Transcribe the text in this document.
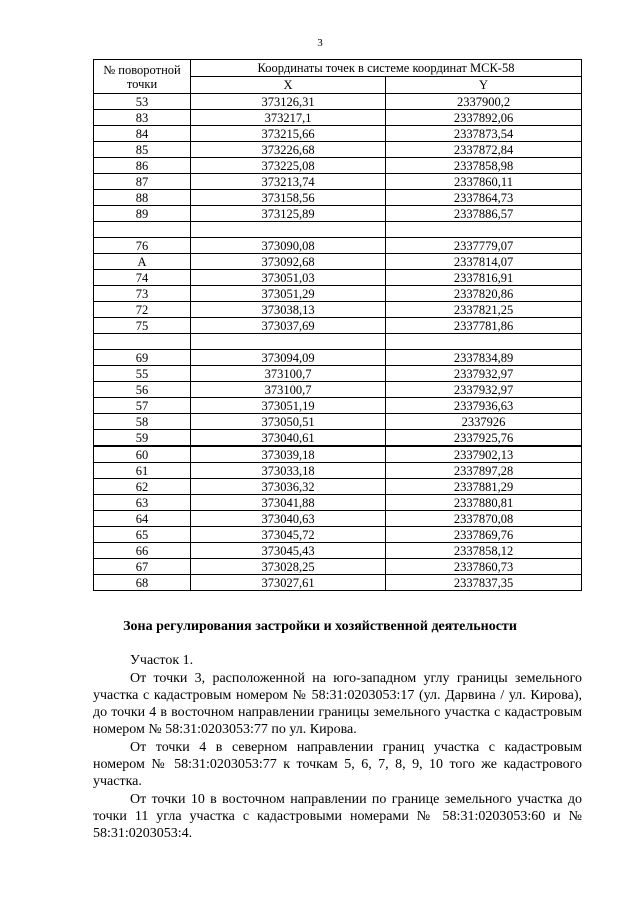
3
№ поворотной точки	Координаты точек в системе координат МСК-58	
	X	Y
53	373126,31	2337900,2
83	373217,1	2337892,06
84	373215,66	2337873,54
85	373226,68	2337872,84
86	373225,08	2337858,98
87	373213,74	2337860,11
88	373158,56	2337864,73
89	373125,89	2337886,57

76	373090,08	2337779,07
А	373092,68	2337814,07
74	373051,03	2337816,91
73	373051,29	2337820,86
72	373038,13	2337821,25
75	373037,69	2337781,86

69	373094,09	2337834,89
55	373100,7	2337932,97
56	373100,7	2337932,97
57	373051,19	2337936,63
58	373050,51	2337926
59	373040,61	2337925,76
60	373039,18	2337902,13
61	373033,18	2337897,28
62	373036,32	2337881,29
63	373041,88	2337880,81
64	373040,63	2337870,08
65	373045,72	2337869,76
66	373045,43	2337858,12
67	373028,25	2337860,73
68	373027,61	2337837,35
Зона регулирования застройки и хозяйственной деятельности

Участок 1.

От точки 3, расположенной на юго-западном углу границы земельного участка с кадастровым номером № 58:31:0203053:17 (ул. Дарвина / ул. Кирова), до точки 4 в восточном направлении границы земельного участка с кадастровым номером № 58:31:0203053:77 по ул. Кирова.

От точки 4 в северном направлении границ участка с кадастровым номером № 58:31:0203053:77 к точкам 5, 6, 7, 8, 9, 10 того же кадастрового участка.

От точки 10 в восточном направлении по границе земельного участка до точки 11 угла участка с кадастровыми номерами № 58:31:0203053:60 и № 58:31:0203053:4.
